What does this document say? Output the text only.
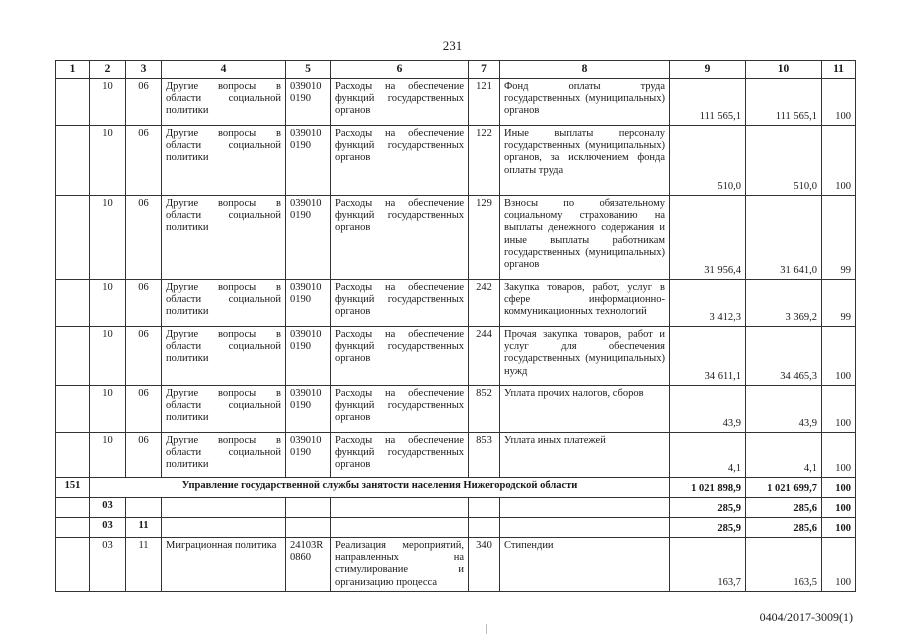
231
1	2	3	4	5	6	7	8	9	10	11
	10	06	Другие вопросы в области социальной политики	039010 0190	Расходы на обеспечение функций государственных органов	121	Фонд оплаты труда государственных (муниципальных) органов	111 565,1	111 565,1	100
	10	06	Другие вопросы в области социальной политики	039010 0190	Расходы на обеспечение функций государственных органов	122	Иные выплаты персоналу государственных (муниципальных) органов, за исключением фонда оплаты труда	510,0	510,0	100
	10	06	Другие вопросы в области социальной политики	039010 0190	Расходы на обеспечение функций государственных органов	129	Взносы по обязательному социальному страхованию на выплаты денежного содержания и иные выплаты работникам государственных (муниципальных) органов	31 956,4	31 641,0	99
	10	06	Другие вопросы в области социальной политики	039010 0190	Расходы на обеспечение функций государственных органов	242	Закупка товаров, работ, услуг в сфере информационно-коммуникационных технологий	3 412,3	3 369,2	99
	10	06	Другие вопросы в области социальной политики	039010 0190	Расходы на обеспечение функций государственных органов	244	Прочая закупка товаров, работ и услуг для обеспечения государственных (муниципальных) нужд	34 611,1	34 465,3	100
	10	06	Другие вопросы в области социальной политики	039010 0190	Расходы на обеспечение функций государственных органов	852	Уплата прочих налогов, сборов	43,9	43,9	100
	10	06	Другие вопросы в области социальной политики	039010 0190	Расходы на обеспечение функций государственных органов	853	Уплата иных платежей	4,1	4,1	100
151	Управление государственной службы занятости населения Нижегородской области							1 021 898,9	1 021 699,7	100
	03							285,9	285,6	100
	03	11						285,9	285,6	100
	03	11	Миграционная политика	24103R 0860	Реализация мероприятий, направленных на стимулирование и организацию процесса	340	Стипендии	163,7	163,5	100
0404/2017-3009(1)
